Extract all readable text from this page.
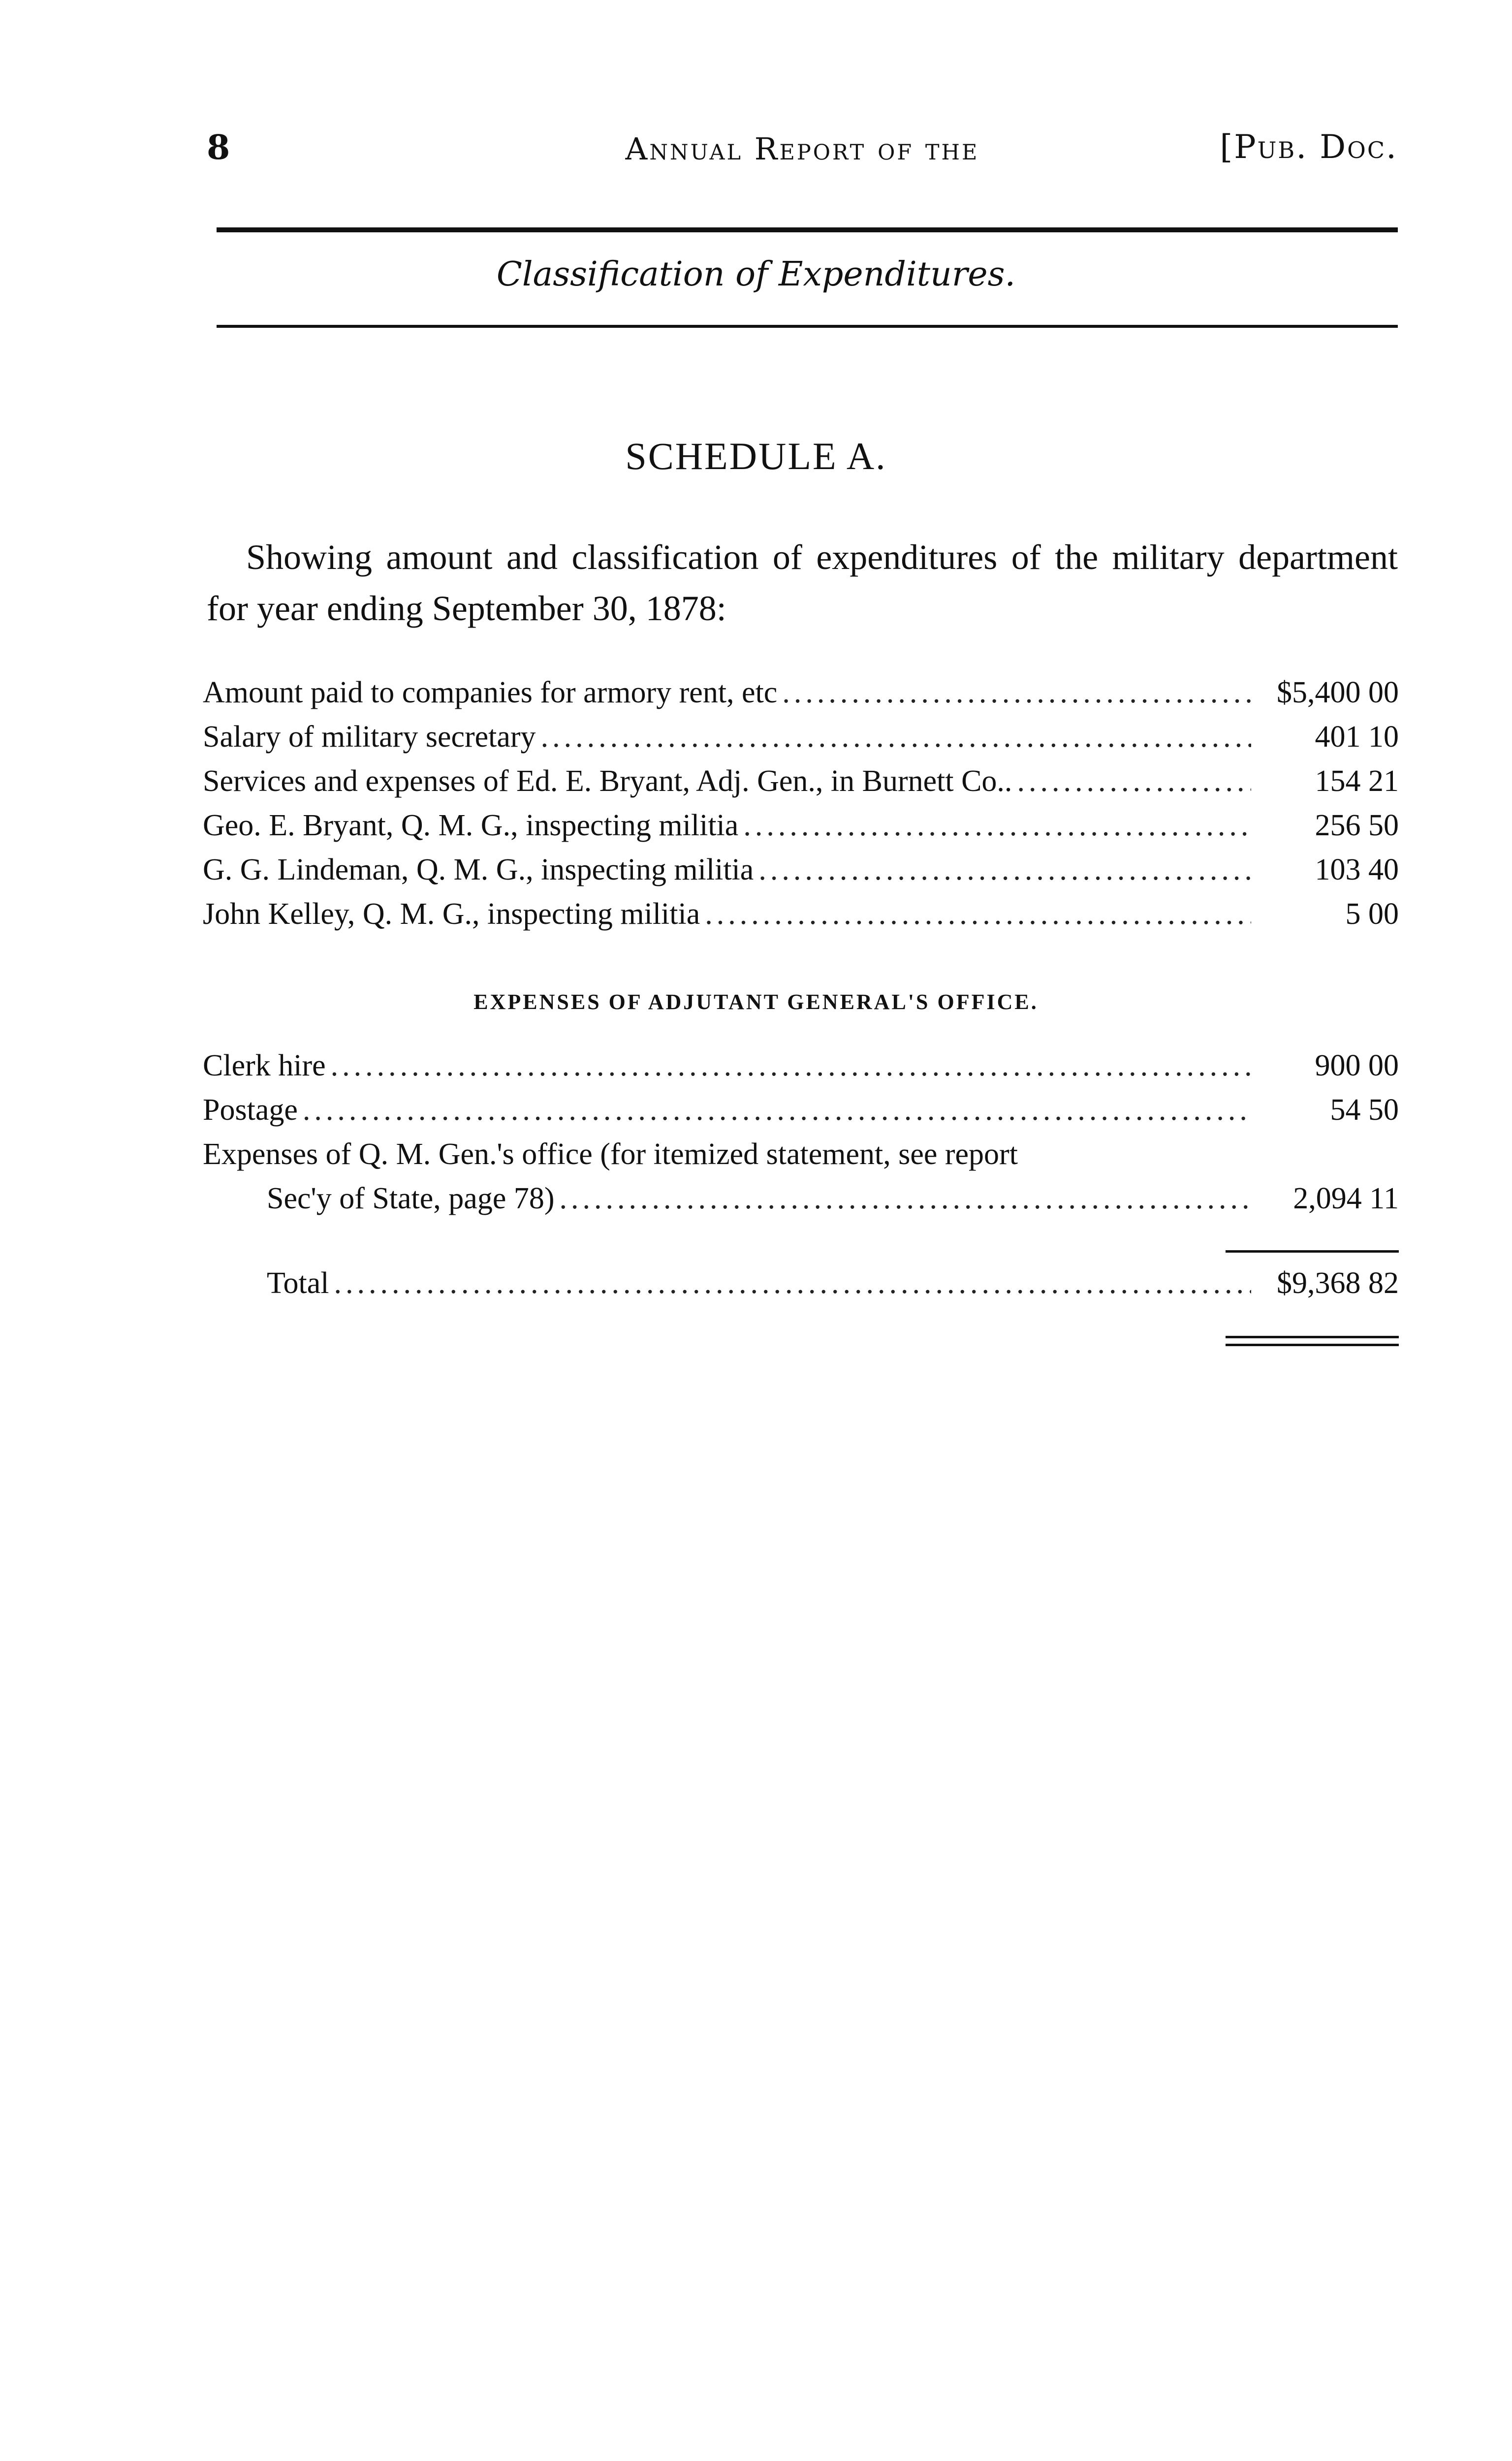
8	Annual Report of the	[Pub. Doc.
Classification of Expenditures.
SCHEDULE A.
Showing amount and classification of expenditures of the military department for year ending September 30, 1878:
Amount paid to companies for armory rent, etc .....	$5,400 00
Salary of military secretary .....	401 10
Services and expenses of Ed. E. Bryant, Adj. Gen., in Burnett Co.. .....	154 21
Geo. E. Bryant, Q. M. G., inspecting militia .....	256 50
G. G. Lindeman, Q. M. G., inspecting militia .....	103 40
John Kelley, Q. M. G., inspecting militia .....	5 00
EXPENSES OF ADJUTANT GENERAL'S OFFICE.
Clerk hire .....	900 00
Postage .....	54 50
Expenses of Q. M. Gen.'s office (for itemized statement, see report
Sec'y of State, page 78) .....	2,094 11
Total .....	$9,368 82
